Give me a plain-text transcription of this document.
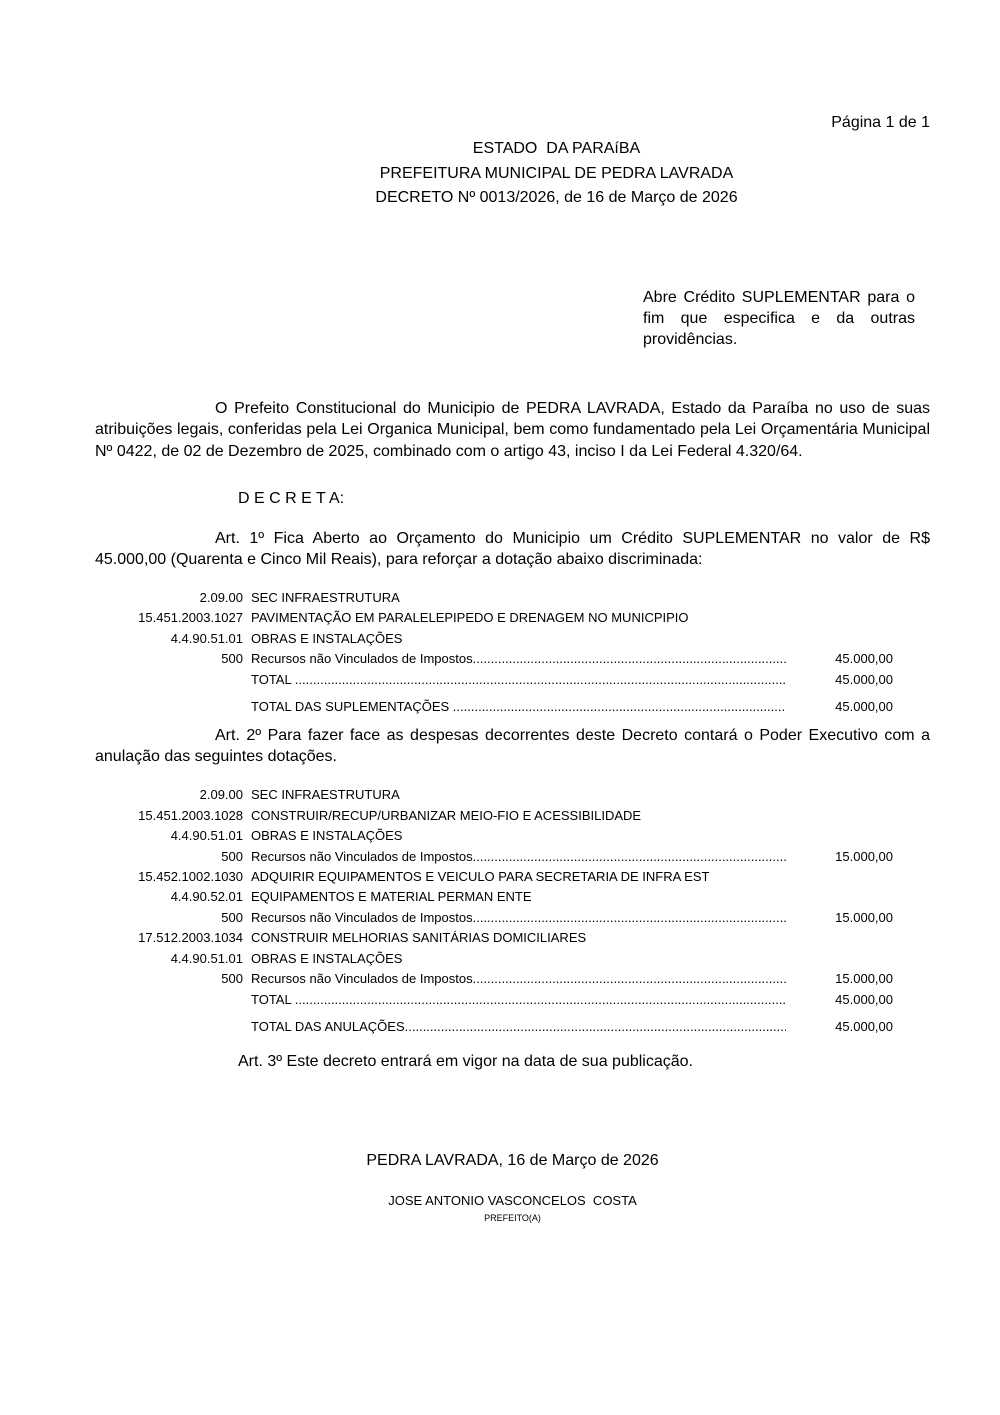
Página 1 de 1
ESTADO  DA PARAíBA
PREFEITURA MUNICIPAL DE PEDRA LAVRADA
DECRETO Nº 0013/2026, de 16 de Março de 2026
Abre Crédito SUPLEMENTAR para o fim que especifica e da outras providências.

O Prefeito Constitucional do Municipio de PEDRA LAVRADA, Estado da Paraíba no uso de suas atribuições legais, conferidas pela Lei Organica Municipal, bem como fundamentado pela Lei Orçamentária Municipal Nº 0422, de 02 de Dezembro de 2025, combinado com o artigo 43, inciso I da Lei Federal 4.320/64.

D E C R E T A:

Art. 1º Fica Aberto ao Orçamento do Municipio um Crédito SUPLEMENTAR no valor de R$ 45.000,00 (Quarenta e Cinco Mil Reais), para reforçar a dotação abaixo discriminada:

2.09.00 SEC INFRAESTRUTURA
15.451.2003.1027 PAVIMENTAÇÃO EM PARALELEPIPEDO E DRENAGEM NO MUNICPIPIO
4.4.90.51.01 OBRAS E INSTALAÇÕES
500 Recursos não Vinculados de Impostos .....	45.000,00
TOTAL .....	45.000,00
TOTAL DAS SUPLEMENTAÇÕES .....	45.000,00

Art. 2º Para fazer face as despesas decorrentes deste Decreto contará o Poder Executivo com a anulação das seguintes dotações.

2.09.00 SEC INFRAESTRUTURA
15.451.2003.1028 CONSTRUIR/RECUP/URBANIZAR MEIO-FIO E ACESSIBILIDADE
4.4.90.51.01 OBRAS E INSTALAÇÕES
500 Recursos não Vinculados de Impostos .....	15.000,00
15.452.1002.1030 ADQUIRIR EQUIPAMENTOS E VEICULO PARA SECRETARIA DE INFRA EST
4.4.90.52.01 EQUIPAMENTOS E MATERIAL PERMAN ENTE
500 Recursos não Vinculados de Impostos .....	15.000,00
17.512.2003.1034 CONSTRUIR MELHORIAS SANITÁRIAS DOMICILIARES
4.4.90.51.01 OBRAS E INSTALAÇÕES
500 Recursos não Vinculados de Impostos .....	15.000,00
TOTAL .....	45.000,00
TOTAL DAS ANULAÇÕES .....	45.000,00

Art. 3º Este decreto entrará em vigor na data de sua publicação.

PEDRA LAVRADA, 16 de Março de 2026
JOSE ANTONIO VASCONCELOS  COSTA
PREFEITO(A)
